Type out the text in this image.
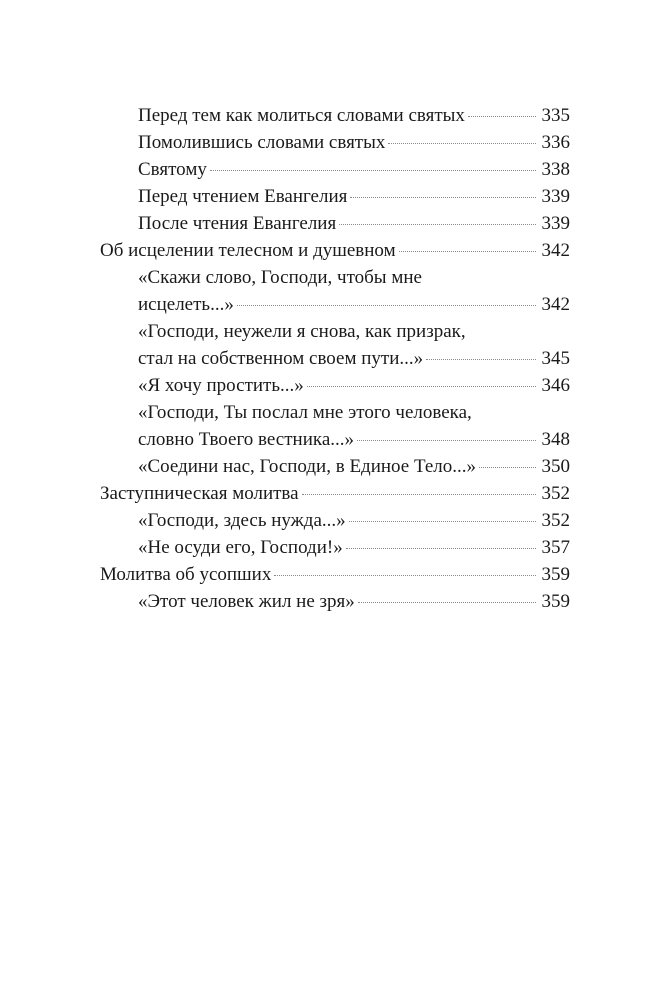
Перед тем как молиться словами святых	335
Помолившись словами святых	336
Святому	338
Перед чтением Евангелия	339
После чтения Евангелия	339
Об исцелении телесном и душевном	342
«Скажи слово, Господи, чтобы мне
исцелеть...»	342
«Господи, неужели я снова, как призрак,
стал на собственном своем пути...»	345
«Я хочу простить...»	346
«Господи, Ты послал мне этого человека,
словно Твоего вестника...»	348
«Соедини нас, Господи, в Единое Тело...»	350
Заступническая молитва	352
«Господи, здесь нужда...»	352
«Не осуди его, Господи!»	357
Молитва об усопших	359
«Этот человек жил не зря»	359
